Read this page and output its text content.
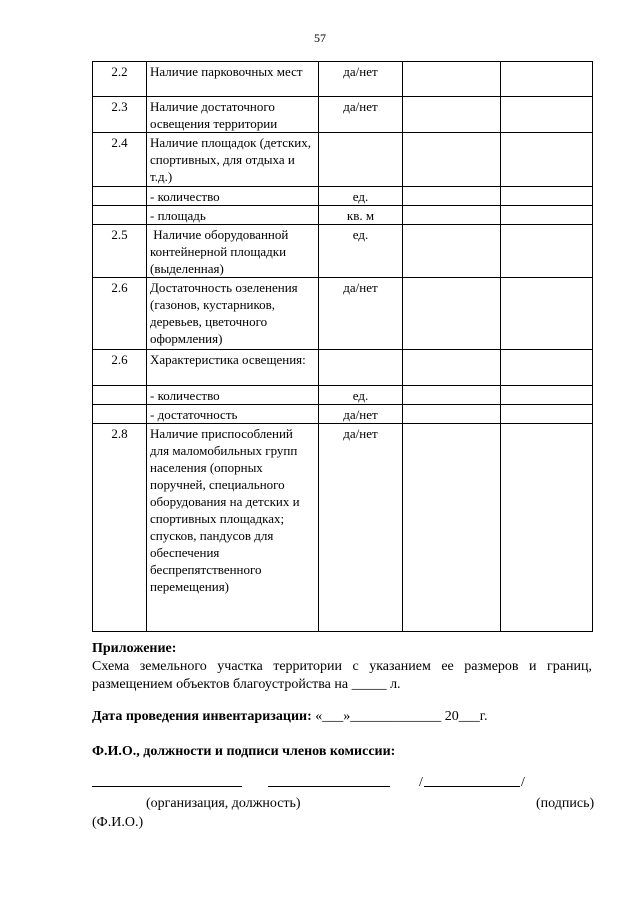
57
2.2	Наличие парковочных мест	да/нет		
2.3	Наличие достаточного освещения территории	да/нет		
2.4	Наличие площадок (детских, спортивных, для отдыха и т.д.)			
	- количество	ед.		
	- площадь	кв. м		
2.5	Наличие оборудованной контейнерной площадки (выделенная)	ед.		
2.6	Достаточность озеленения (газонов, кустарников, деревьев, цветочного оформления)	да/нет		
2.6	Характеристика освещения:			
	- количество	ед.		
	- достаточность	да/нет		
2.8	Наличие приспособлений для маломобильных групп населения (опорных поручней, специального оборудования на детских и спортивных площадках; спусков, пандусов для обеспечения беспрепятственного перемещения)	да/нет		
Приложение:
Схема земельного участка территории с указанием ее размеров и границ, размещением объектов благоустройства на _____ л.
Дата проведения инвентаризации: «___»_____________ 20___г.
Ф.И.О., должности и подписи членов комиссии:
/	/
(организация, должность)	(подпись)
(Ф.И.О.)
